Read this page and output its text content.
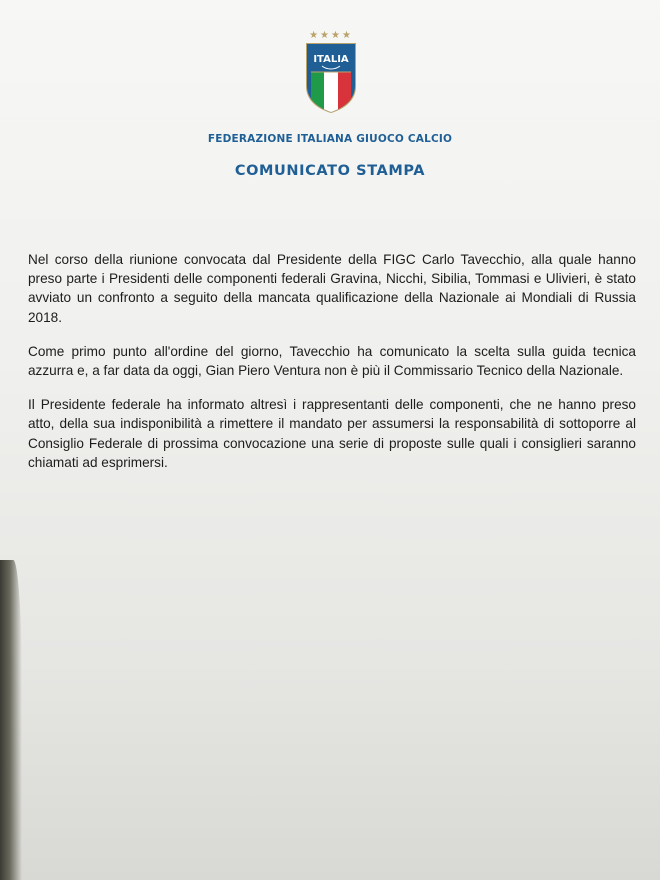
★★★★
ITALIA
FEDERAZIONE ITALIANA GIUOCO CALCIO
COMUNICATO STAMPA

Nel corso della riunione convocata dal Presidente della FIGC Carlo Tavecchio, alla quale hanno preso parte i Presidenti delle componenti federali Gravina, Nicchi, Sibilia, Tommasi e Ulivieri, è stato avviato un confronto a seguito della mancata qualificazione della Nazionale ai Mondiali di Russia 2018.

Come primo punto all'ordine del giorno, Tavecchio ha comunicato la scelta sulla guida tecnica azzurra e, a far data da oggi, Gian Piero Ventura non è più il Commissario Tecnico della Nazionale.

Il Presidente federale ha informato altresì i rappresentanti delle componenti, che ne hanno preso atto, della sua indisponibilità a rimettere il mandato per assumersi la responsabilità di sottoporre al Consiglio Federale di prossima convocazione una serie di proposte sulle quali i consiglieri saranno chiamati ad esprimersi.
